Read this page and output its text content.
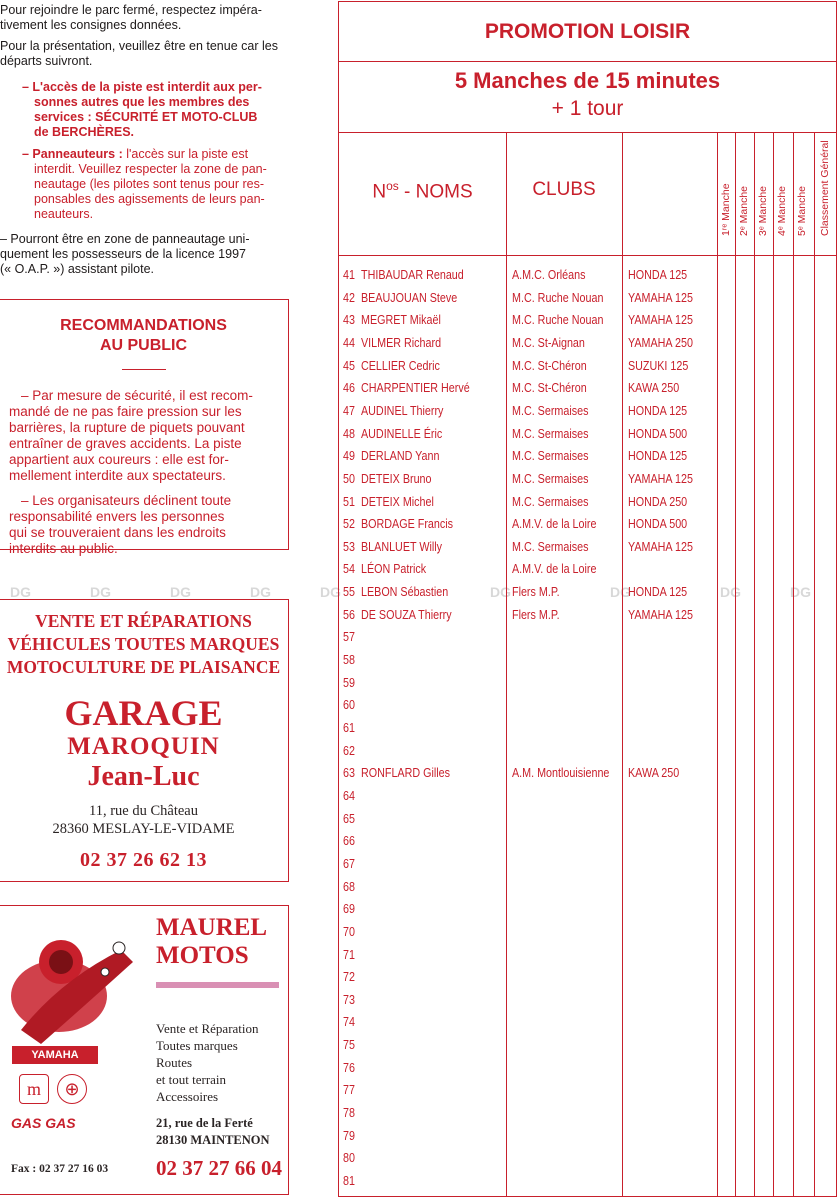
Pour rejoindre le parc fermé, respectez impéra-

tivement les consignes données.

Pour la présentation, veuillez être en tenue car les

départs suivront.

– L'accès de la piste est interdit aux per-

sonnes autres que les membres des

services : SÉCURITÉ ET MOTO-CLUB

de BERCHÈRES.

– Panneauteurs : l'accès sur la piste est

interdit. Veuillez respecter la zone de pan-

neautage (les pilotes sont tenus pour res-

ponsables des agissements de leurs pan-

neauteurs.

– Pourront être en zone de panneautage uni-

quement les possesseurs de la licence 1997

(« O.A.P. ») assistant pilote.

RECOMMANDATIONS
AU PUBLIC
– Par mesure de sécurité, il est recom-
mandé de ne pas faire pression sur les
barrières, la rupture de piquets pouvant
entraîner de graves accidents. La piste
appartient aux coureurs : elle est for-
mellement interdite aux spectateurs.
– Les organisateurs déclinent toute
responsabilité envers les personnes
qui se trouveraient dans les endroits
interdits au public.
VENTE ET RÉPARATIONS
VÉHICULES TOUTES MARQUES
MOTOCULTURE DE PLAISANCE
GARAGE
MAROQUIN
Jean-Luc
11, rue du Château
28360 MESLAY-LE-VIDAME
02 37 26 62 13
YAMAHA
m	⊕
GAS GAS
Fax : 02 37 27 16 03
MAUREL
MOTOS
Vente et Réparation
Toutes marques
Routes
et tout terrain
Accessoires
21, rue de la Ferté
28130 MAINTENON
02 37 27 66 04
DG	DG	DG	DG	DG	DG	DG	DG	DG
PROMOTION LOISIR
5 Manches de 15 minutes
+ 1 tour
$N^{os}$ - NOMS	CLUBS	1ʳᵉ Manche 2ᵉ Manche 3ᵉ Manche 4ᵉ Manche 5ᵉ Manche Classement Général
41 THIBAUDAR Renaud	A.M.C. Orléans	HONDA 125
42 BEAUJOUAN Steve	M.C. Ruche Nouan YAMAHA 125
43 MEGRET Mikaël	M.C. Ruche Nouan YAMAHA 125
44 VILMER Richard	M.C. St-Aignan	YAMAHA 250
45 CELLIER Cedric	M.C. St-Chéron	SUZUKI 125
46 CHARPENTIER Hervé	M.C. St-Chéron	KAWA 250
47 AUDINEL Thierry	M.C. Sermaises	HONDA 125
48 AUDINELLE Éric	M.C. Sermaises	HONDA 500
49 DERLAND Yann	M.C. Sermaises	HONDA 125
50 DETEIX Bruno	M.C. Sermaises	YAMAHA 125
51 DETEIX Michel	M.C. Sermaises	HONDA 250
52 BORDAGE Francis	A.M.V. de la Loire	HONDA 500
53 BLANLUET Willy	M.C. Sermaises	YAMAHA 125
54 LÉON Patrick	A.M.V. de la Loire
55 LEBON Sébastien	Flers M.P.	HONDA 125
56 DE SOUZA Thierry	Flers M.P.	YAMAHA 125
57
58
59
60
61
62
63 RONFLARD Gilles	A.M. Montlouisienne KAWA 250
64
65
66
67
68
69
70
71
72
73
74
75
76
77
78
79
80
81
